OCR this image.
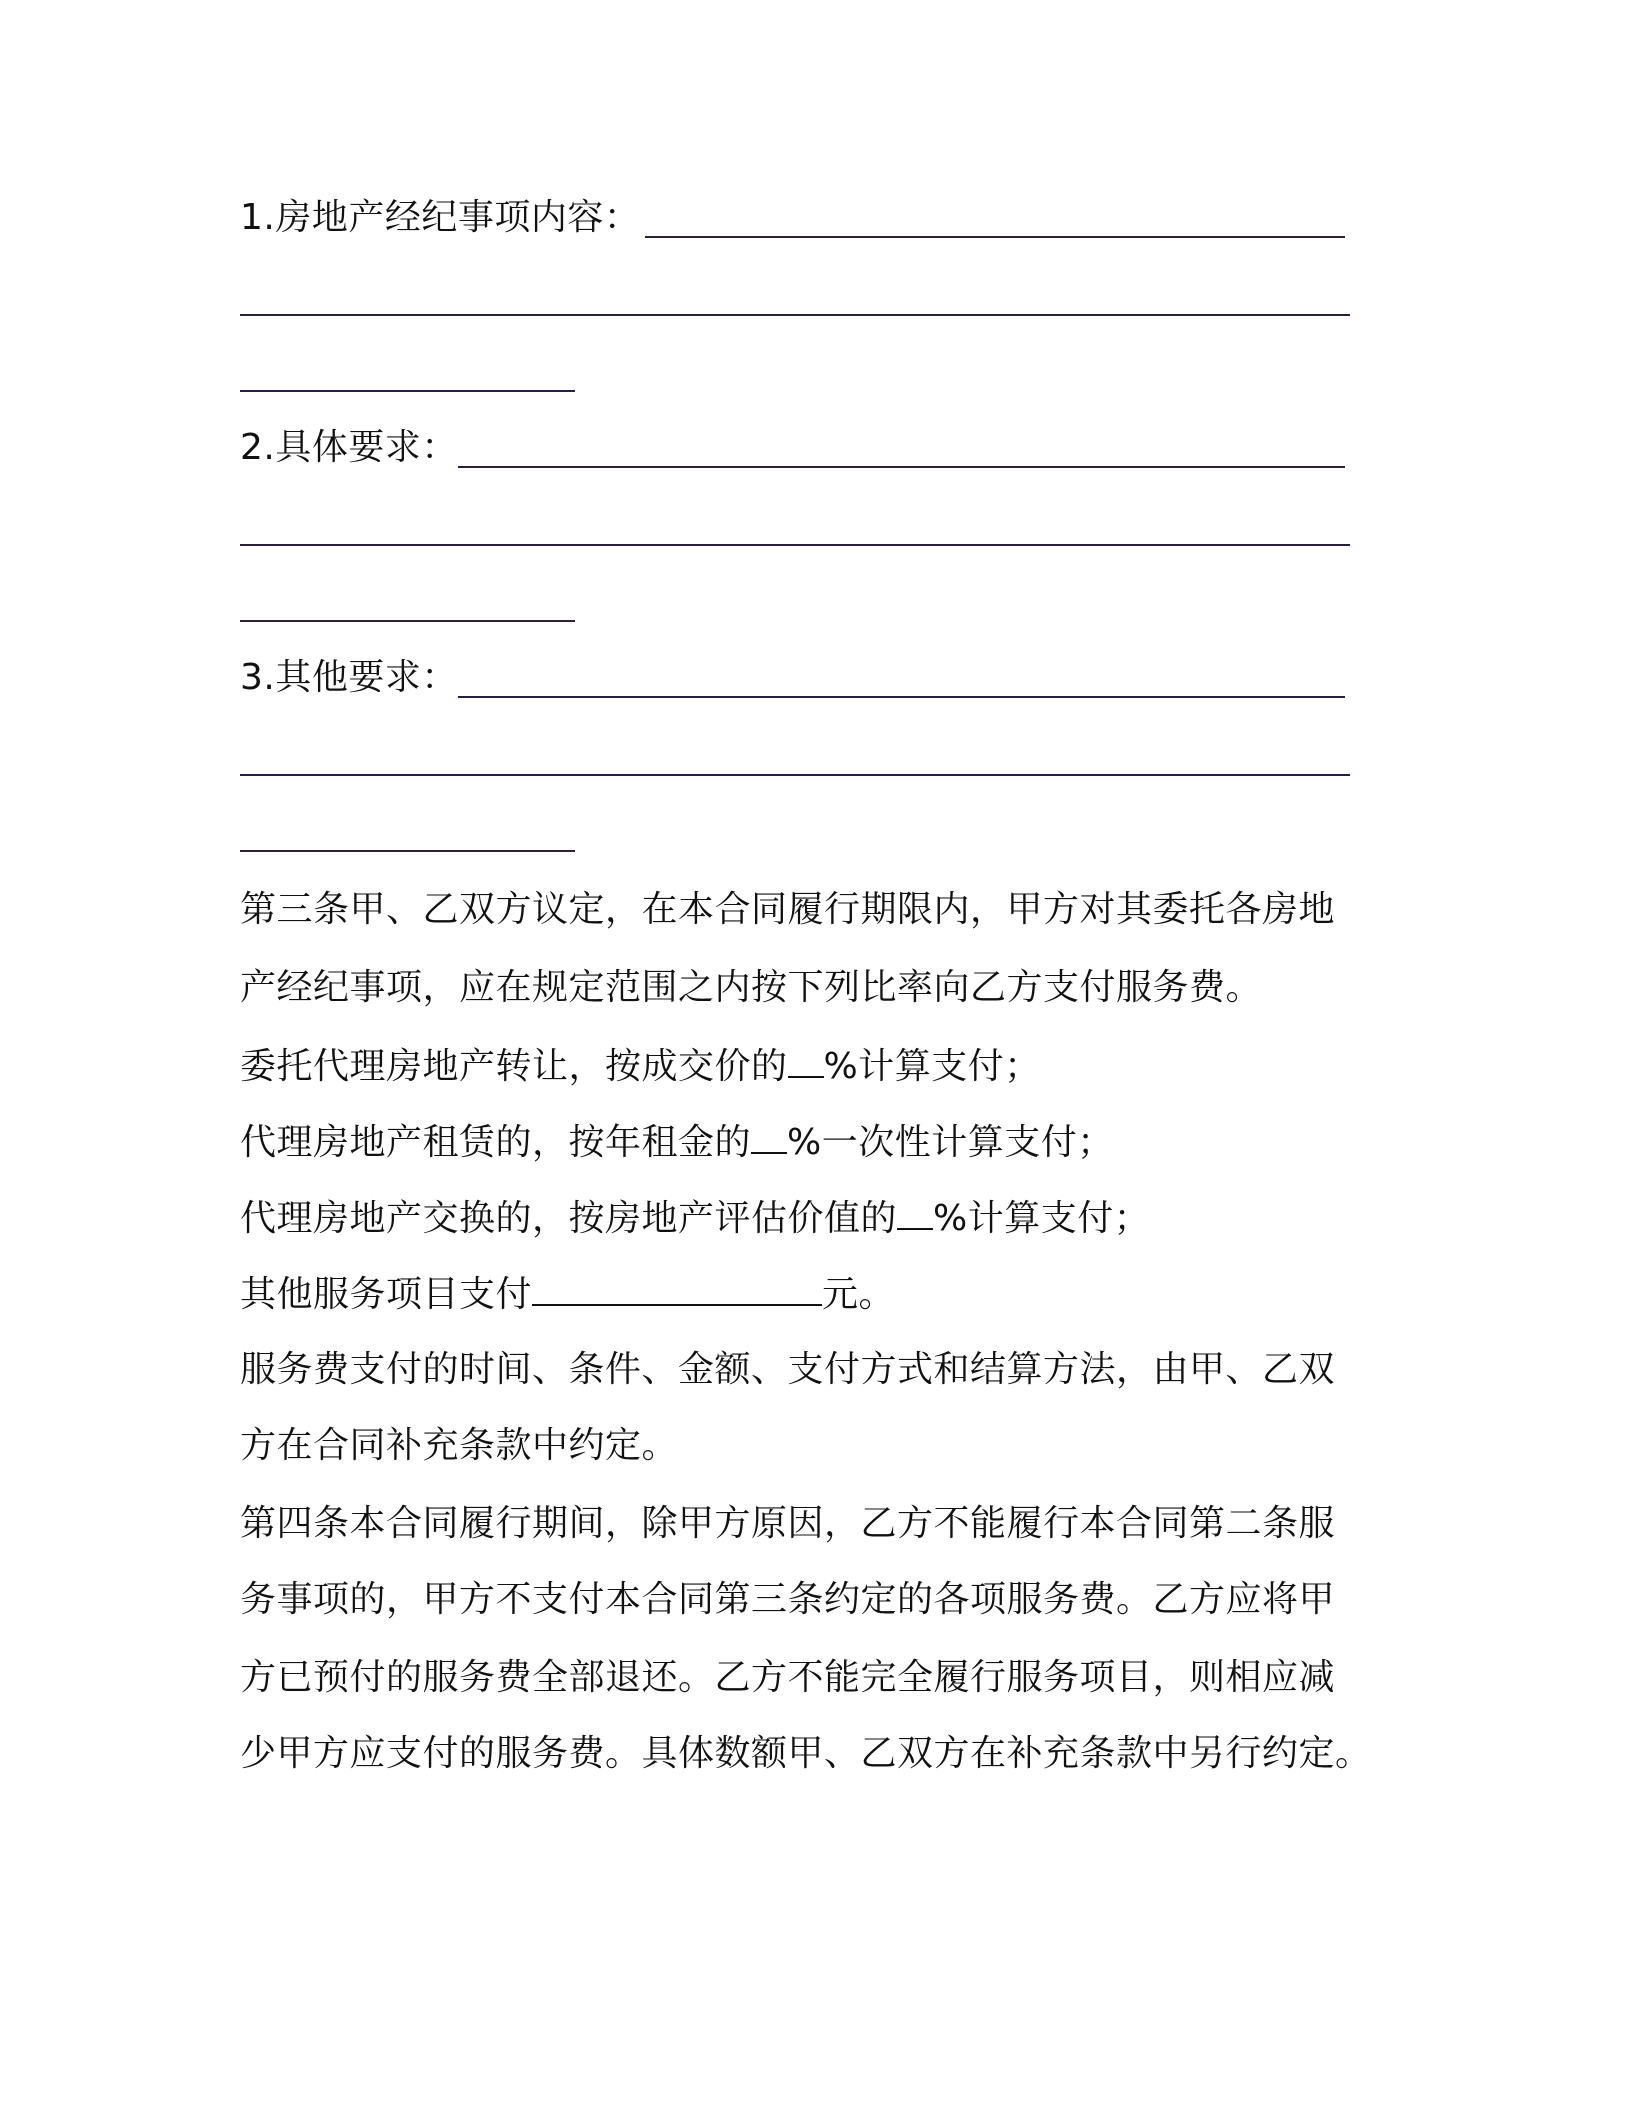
1.房地产经纪事项内容：
2.具体要求：
3.其他要求：
第三条甲、乙双方议定，在本合同履行期限内，甲方对其委托各房地
产经纪事项，应在规定范围之内按下列比率向乙方支付服务费。
委托代理房地产转让，按成交价的 %计算支付；
代理房地产租赁的，按年租金的 %一次性计算支付；
代理房地产交换的，按房地产评估价值的 %计算支付；
其他服务项目支付	元。
服务费支付的时间、条件、金额、支付方式和结算方法，由甲、乙双
方在合同补充条款中约定。
第四条本合同履行期间，除甲方原因，乙方不能履行本合同第二条服
务事项的，甲方不支付本合同第三条约定的各项服务费。乙方应将甲
方已预付的服务费全部退还。乙方不能完全履行服务项目，则相应减
少甲方应支付的服务费。具体数额甲、乙双方在补充条款中另行约定。
